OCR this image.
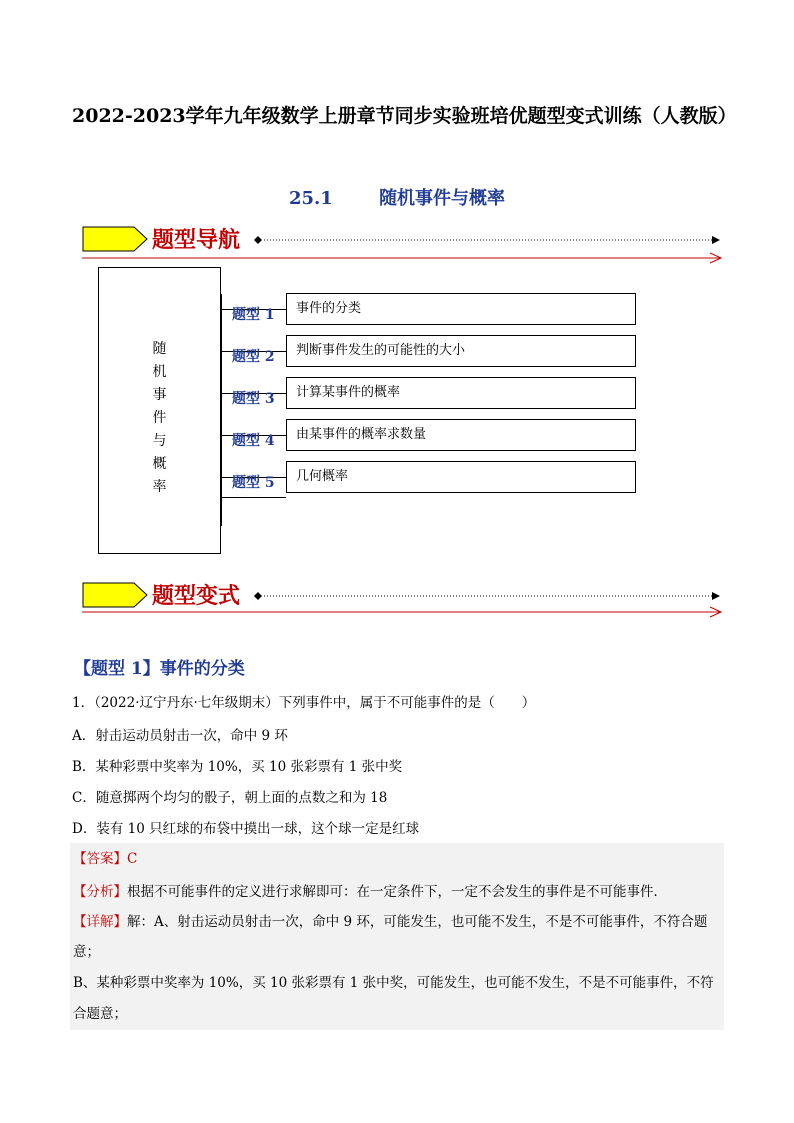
2022-2023学年九年级数学上册章节同步实验班培优题型变式训练（人教版）
25.1	随机事件与概率
题型导航
随
机
事
件
与
概
率
题型 1	事件的分类
题型 2	判断事件发生的可能性的大小
题型 3	计算某事件的概率
题型 4	由某事件的概率求数量
题型 5	几何概率
题型变式
【题型 1】事件的分类
1．（2022·辽宁丹东·七年级期末）下列事件中，属于不可能事件的是（　　）
A．射击运动员射击一次，命中 9 环
B．某种彩票中奖率为 10%，买 10 张彩票有 1 张中奖
C．随意掷两个均匀的骰子，朝上面的点数之和为 18
D．装有 10 只红球的布袋中摸出一球，这个球一定是红球
【答案】C
【分析】根据不可能事件的定义进行求解即可：在一定条件下，一定不会发生的事件是不可能事件．
【详解】解：A、射击运动员射击一次，命中 9 环，可能发生，也可能不发生，不是不可能事件，不符合题
意；
B、某种彩票中奖率为 10%，买 10 张彩票有 1 张中奖，可能发生，也可能不发生，不是不可能事件，不符
合题意；
